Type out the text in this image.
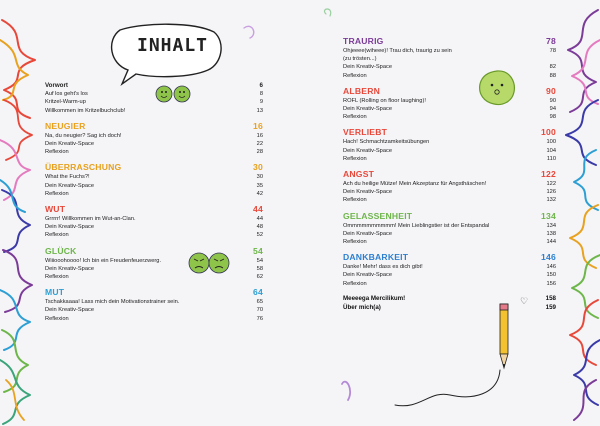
INHALT
♡
Vorwort	6
Auf los geht's los	8
Kritzel-Warm-up	9
Willkommen im Kritzelbuchclub!	13
NEUGIER	16
Na, du neugier? Sag ich doch!	16
Dein Kreativ-Space	22
Reflexion	28
ÜBERRASCHUNG	30
What the Fuchs?!	30
Dein Kreativ-Space	35
Reflexion	42
WUT	44
Grrrrr! Willkommen im Wut-an-Clan.	44
Dein Kreativ-Space	48
Reflexion	52
GLÜCK	54
Wiiiooohoooo! Ich bin ein Freudenfeuerzwerg.	54
Dein Kreativ-Space	58
Reflexion	62
MUT	64
Tschakkaaaa! Lass mich dein Motivationstrainer sein.	65
Dein Kreativ-Space	70
Reflexion	76
TRAURIG	78
Ohjeeee(wiheee)! Trau dich, traurig zu sein	78
(zu trösten...)
Dein Kreativ-Space	82
Reflexion	88
ALBERN	90
ROFL (Rolling on floor laughing)!	90
Dein Kreativ-Space	94
Reflexion	98
VERLIEBT	100
Hach! Schmachtzamkeitsübungen	100
Dein Kreativ-Space	104
Reflexion	110
ANGST	122
Ach du heilige Mütze! Mein Akzeptanz für Angsthäschen!	122
Dein Kreativ-Space	126
Reflexion	132
GELASSENHEIT	134
Ommmmmmmmmm! Mein Lieblingstier ist der Entspandal	134
Dein Kreativ-Space	138
Reflexion	144
DANKBARKEIT	146
Danke! Mehr! dass es dich gibt!	146
Dein Kreativ-Space	150
Reflexion	156
Meeeega Mercilikum!	158
Über mich(a)	159
